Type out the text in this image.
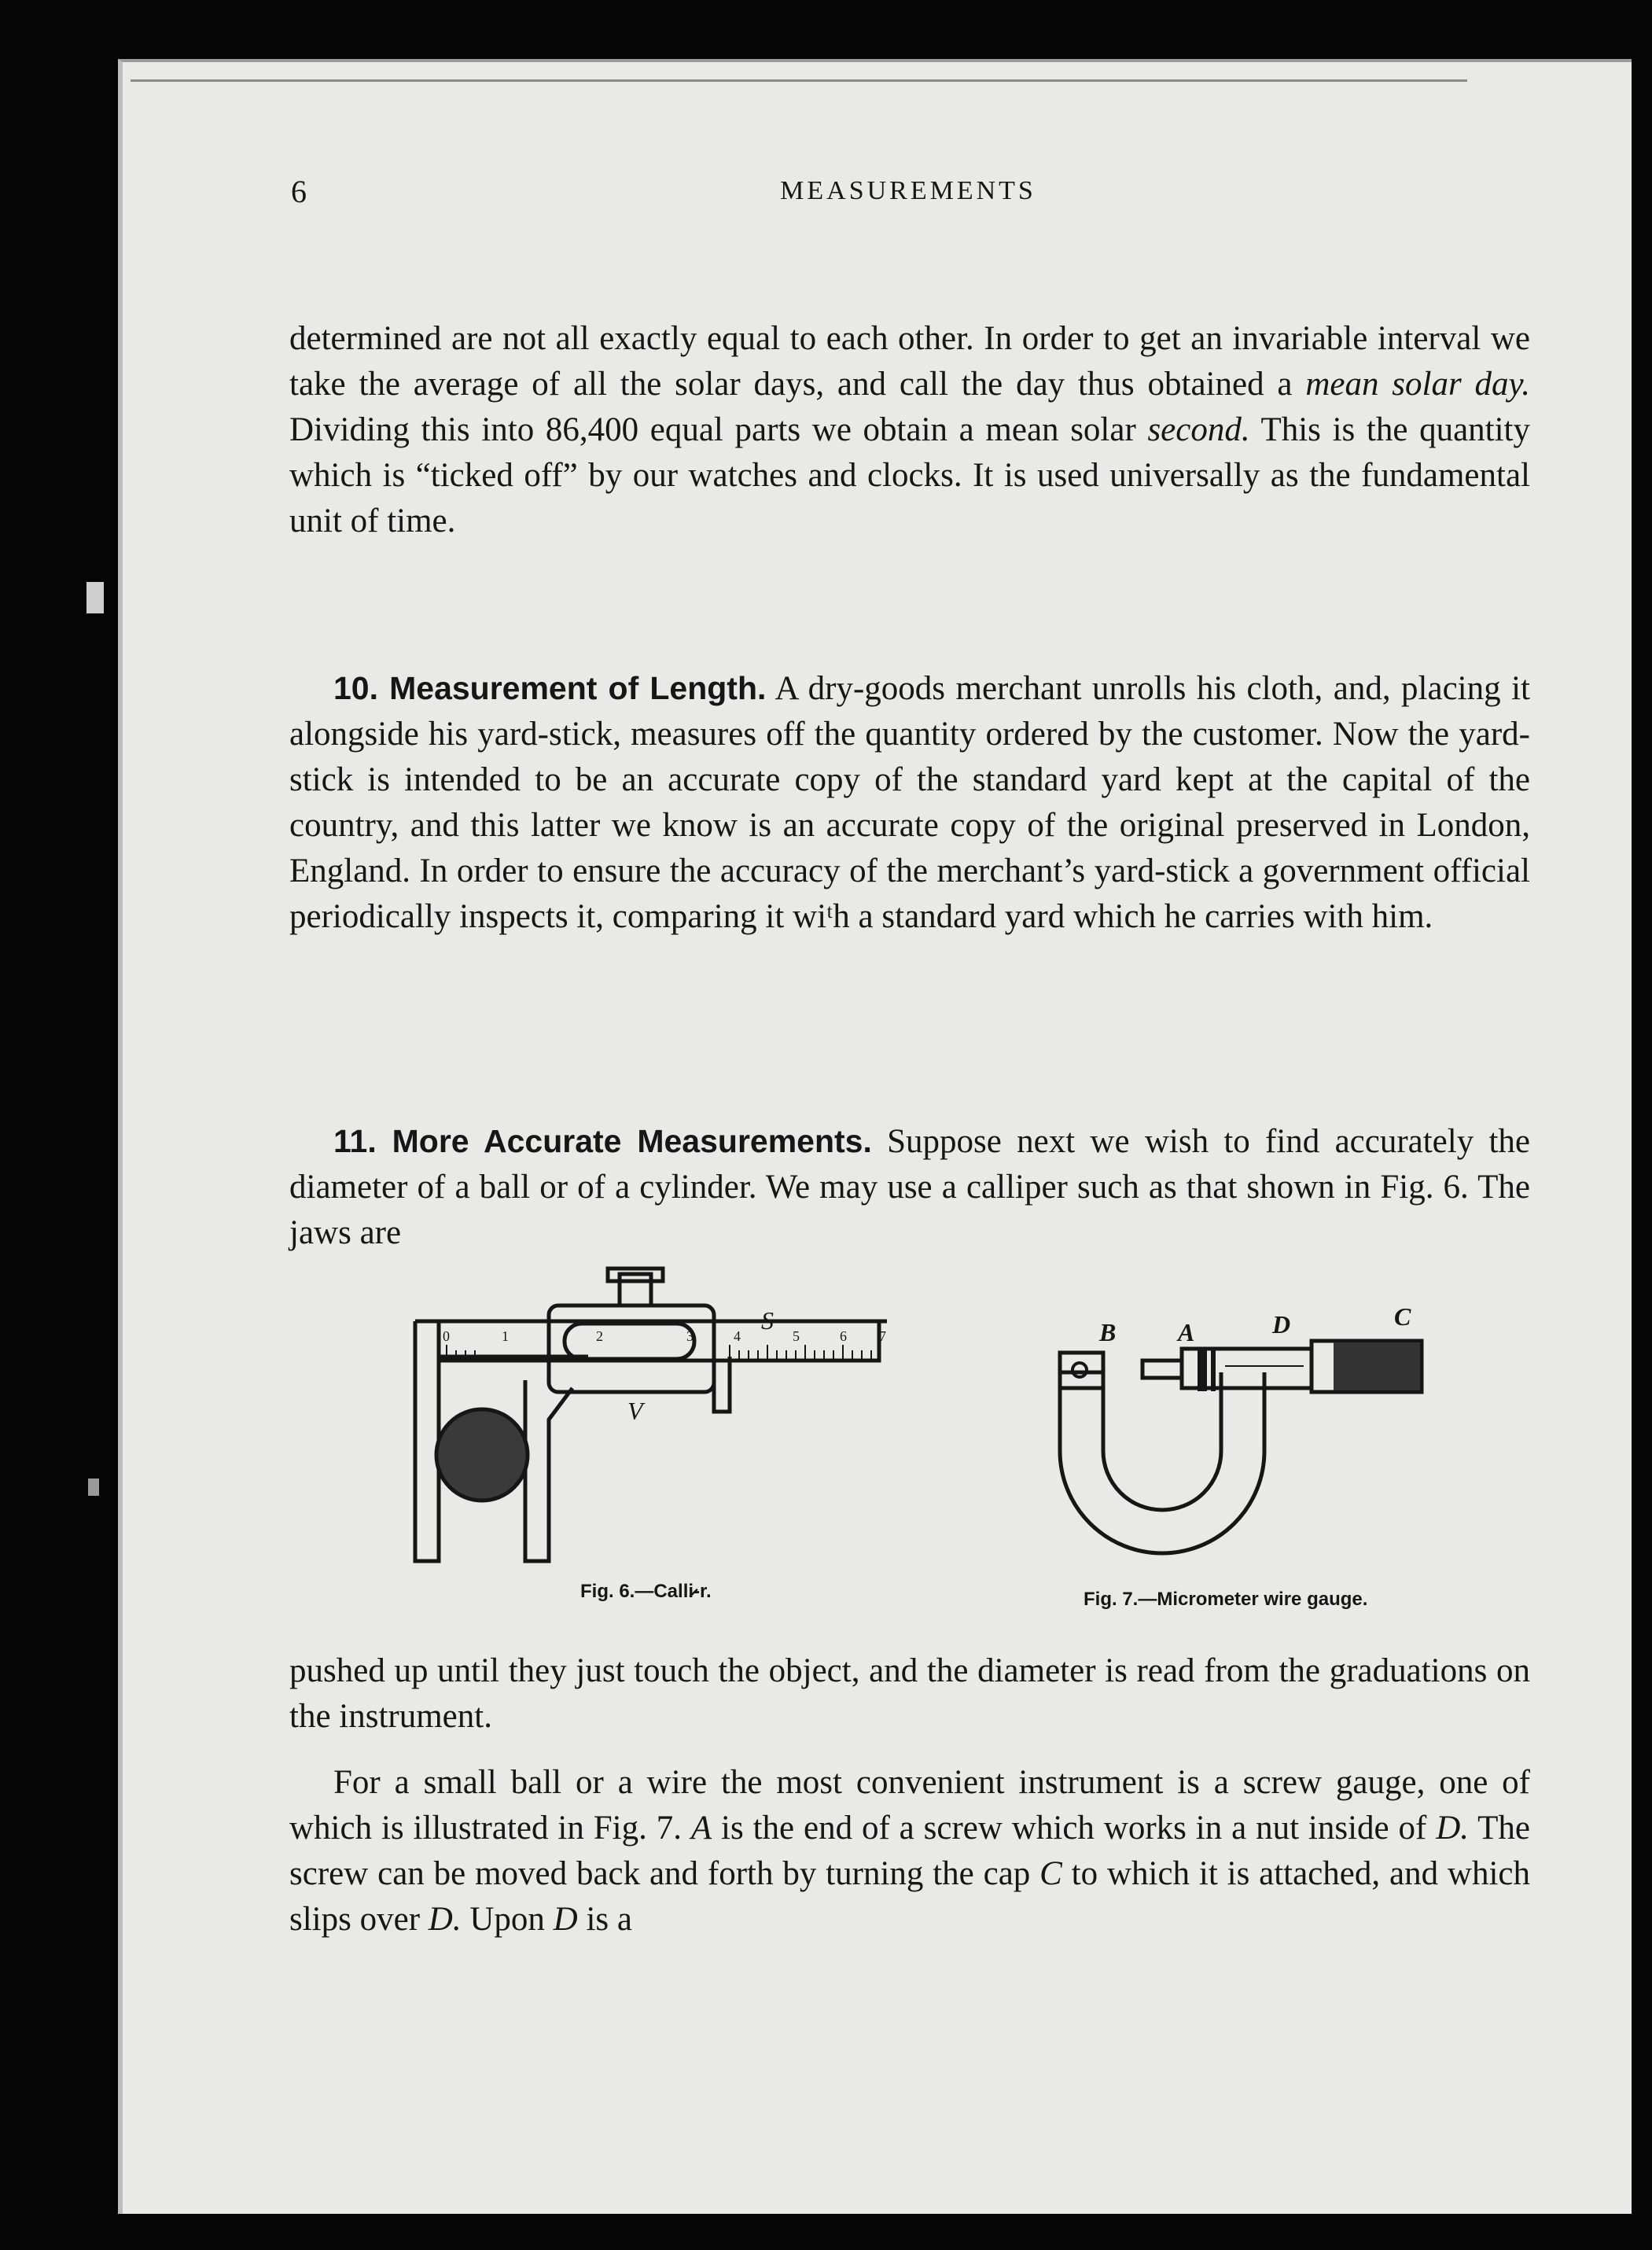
6	MEASUREMENTS

determined are not all exactly equal to each other. In order to get an invariable interval we take the average of all the solar days, and call the day thus obtained a mean solar day. Dividing this into 86,400 equal parts we obtain a mean solar second. This is the quantity which is “ticked off” by our watches and clocks. It is used universally as the fundamental unit of time.

10. Measurement of Length. A dry-goods merchant unrolls his cloth, and, placing it alongside his yard-stick, measures off the quantity ordered by the customer. Now the yard-stick is intended to be an accurate copy of the standard yard kept at the capital of the country, and this latter we know is an accurate copy of the original preserved in London, England. In order to ensure the accuracy of the merchant’s yard-stick a government official periodically inspects it, comparing it wiᵗh a standard yard which he carries with him.

11. More Accurate Measurements. Suppose next we wish to find accurately the diameter of a ball or of a cylinder. We may use a calliper such as that shown in Fig. 6. The jaws are

0	1	2	3	4	5	6 7
S
V
Fig. 6.—Calli̷‐r.
B A	D	C
Fig. 7.—Micrometer wire gauge.

pushed up until they just touch the object, and the diameter is read from the graduations on the instrument.

For a small ball or a wire the most convenient instrument is a screw gauge, one of which is illustrated in Fig. 7. A is the end of a screw which works in a nut inside of D. The screw can be moved back and forth by turning the cap C to which it is attached, and which slips over D. Upon D is a
